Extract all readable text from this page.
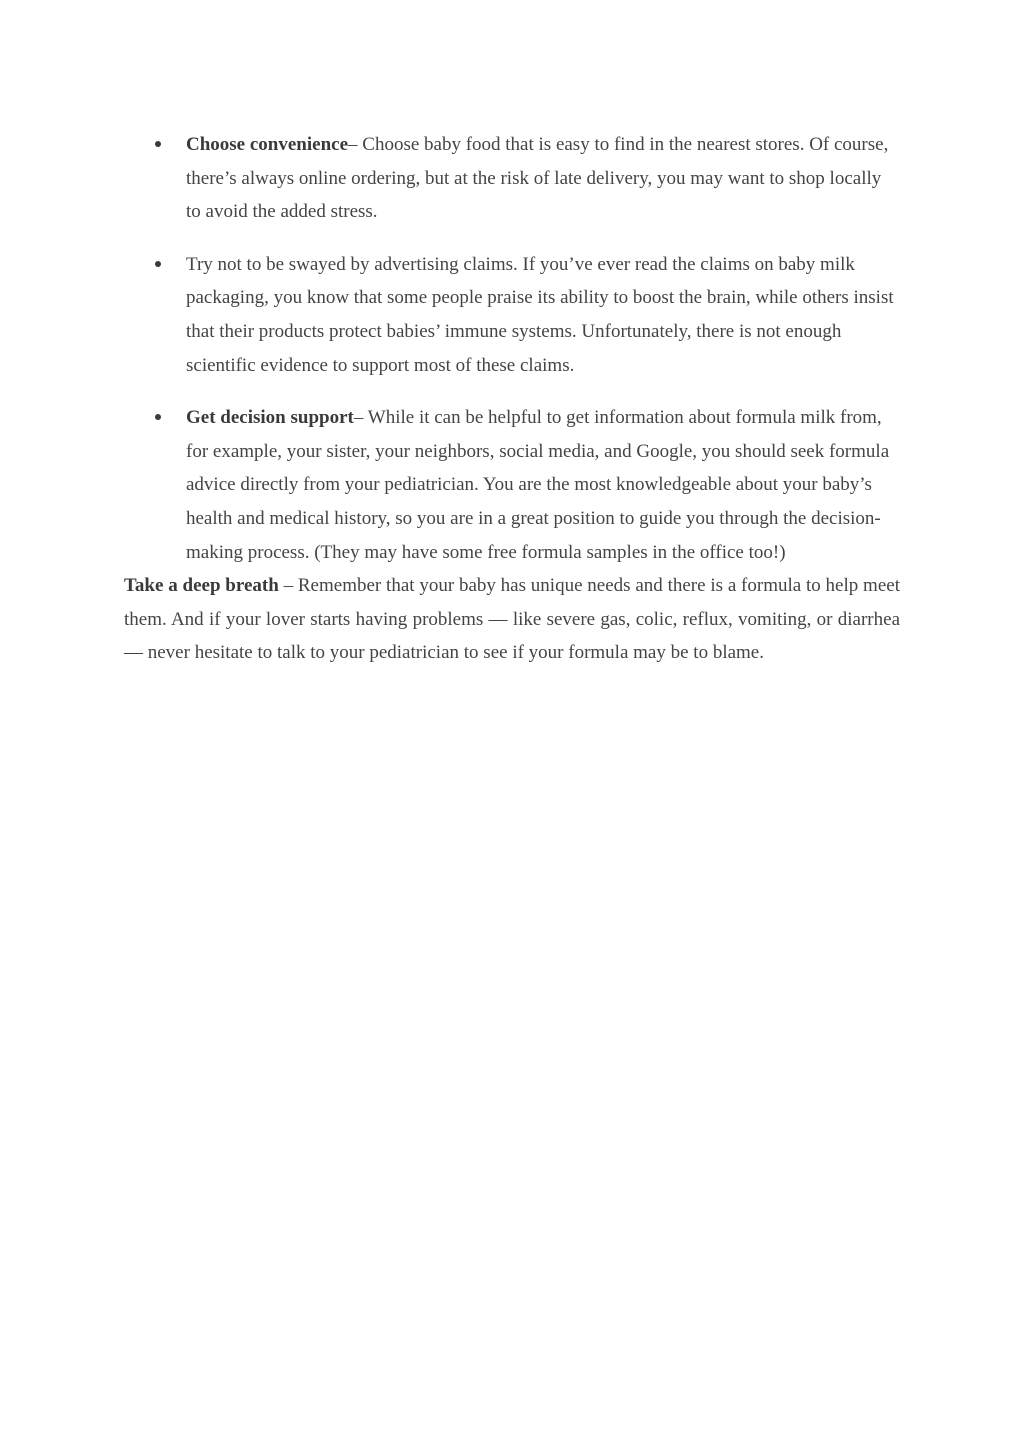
Choose convenience– Choose baby food that is easy to find in the nearest stores. Of course, there’s always online ordering, but at the risk of late delivery, you may want to shop locally to avoid the added stress.
Try not to be swayed by advertising claims. If you’ve ever read the claims on baby milk packaging, you know that some people praise its ability to boost the brain, while others insist that their products protect babies’ immune systems. Unfortunately, there is not enough scientific evidence to support most of these claims.
Get decision support– While it can be helpful to get information about formula milk from, for example, your sister, your neighbors, social media, and Google, you should seek formula advice directly from your pediatrician. You are the most knowledgeable about your baby’s health and medical history, so you are in a great position to guide you through the decision-making process. (They may have some free formula samples in the office too!)

Take a deep breath – Remember that your baby has unique needs and there is a formula to help meet them. And if your lover starts having problems — like severe gas, colic, reflux, vomiting, or diarrhea — never hesitate to talk to your pediatrician to see if your formula may be to blame.
